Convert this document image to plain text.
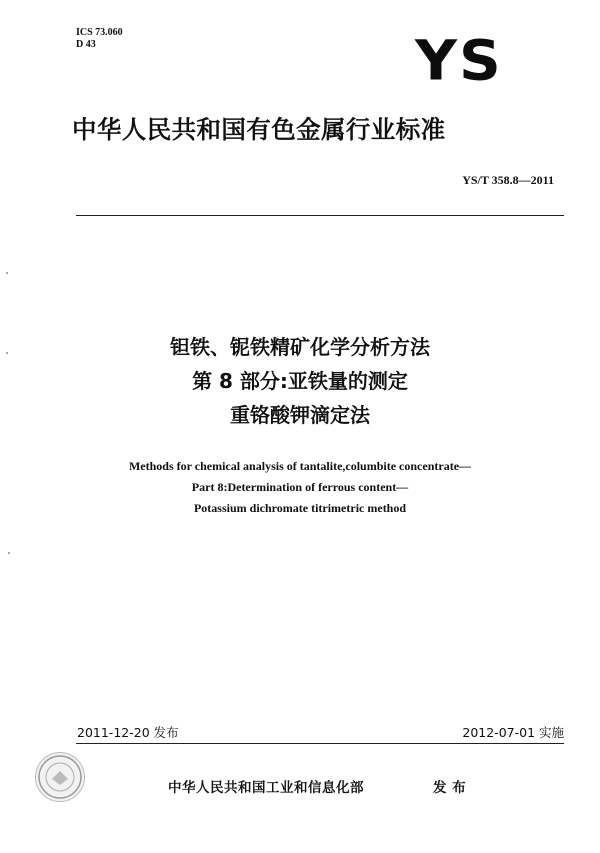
ICS 73.060
D 43	YS
中华人民共和国有色金属行业标准
YS/T 358.8—2011
钽铁、铌铁精矿化学分析方法
第 8 部分:亚铁量的测定
重铬酸钾滴定法
Methods for chemical analysis of tantalite,columbite concentrate—
Part 8:Determination of ferrous content—
Potassium dichromate titrimetric method
2011-12-20 发布	2012-07-01 实施
中华人民共和国工业和信息化部	发 布
